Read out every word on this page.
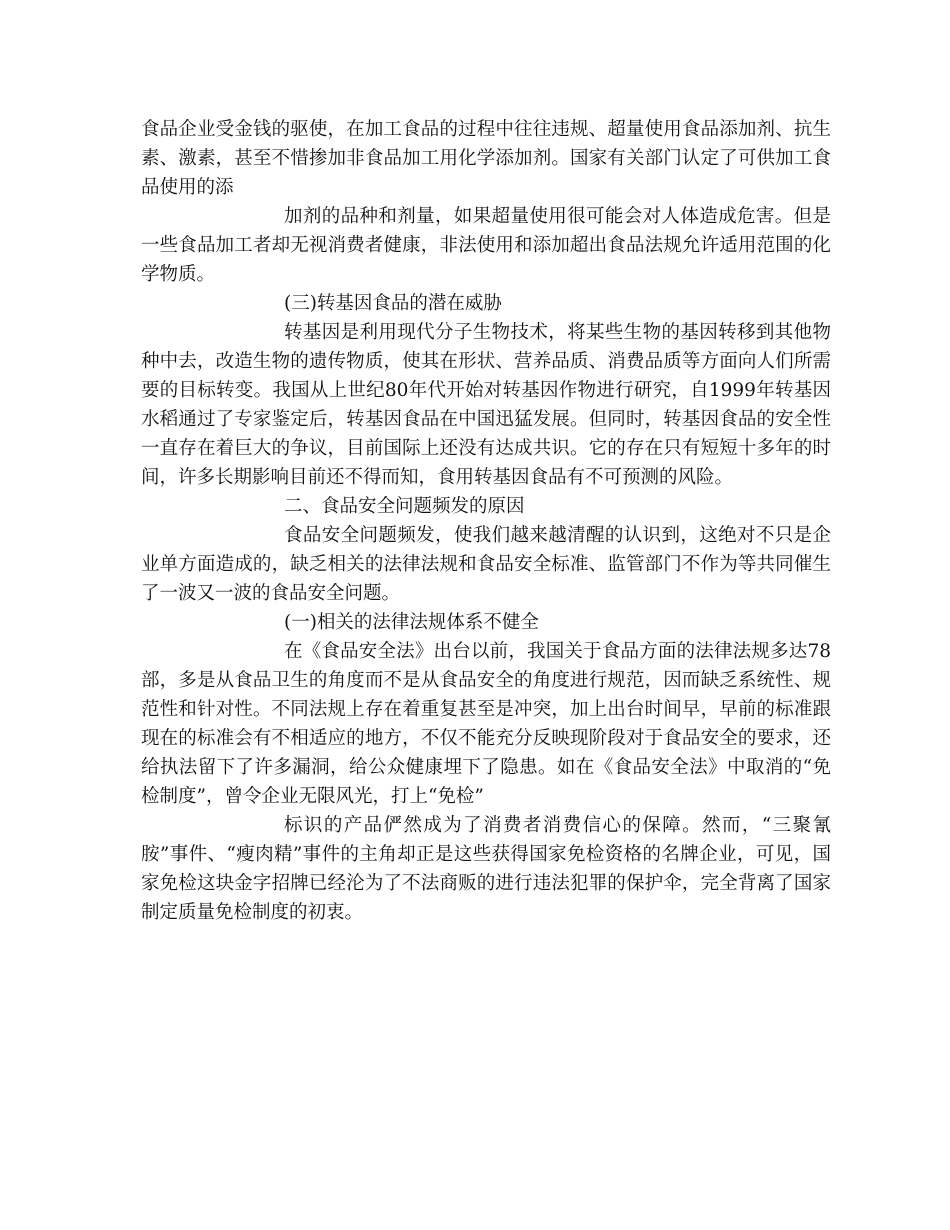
食品企业受金钱的驱使，在加工食品的过程中往往违规、超量使用食品添加剂、抗生素、激素，甚至不惜掺加非食品加工用化学添加剂。国家有关部门认定了可供加工食品使用的添

加剂的品种和剂量，如果超量使用很可能会对人体造成危害。但是一些食品加工者却无视消费者健康，非法使用和添加超出食品法规允许适用范围的化学物质。

(三)转基因食品的潜在威胁

转基因是利用现代分子生物技术，将某些生物的基因转移到其他物种中去，改造生物的遗传物质，使其在形状、营养品质、消费品质等方面向人们所需要的目标转变。我国从上世纪80年代开始对转基因作物进行研究，自1999年转基因水稻通过了专家鉴定后，转基因食品在中国迅猛发展。但同时，转基因食品的安全性一直存在着巨大的争议，目前国际上还没有达成共识。它的存在只有短短十多年的时间，许多长期影响目前还不得而知，食用转基因食品有不可预测的风险。

二、食品安全问题频发的原因

食品安全问题频发，使我们越来越清醒的认识到，这绝对不只是企业单方面造成的，缺乏相关的法律法规和食品安全标准、监管部门不作为等共同催生了一波又一波的食品安全问题。

(一)相关的法律法规体系不健全

在《食品安全法》出台以前，我国关于食品方面的法律法规多达78部，多是从食品卫生的角度而不是从食品安全的角度进行规范，因而缺乏系统性、规范性和针对性。不同法规上存在着重复甚至是冲突，加上出台时间早，早前的标准跟现在的标准会有不相适应的地方，不仅不能充分反映现阶段对于食品安全的要求，还给执法留下了许多漏洞，给公众健康埋下了隐患。如在《食品安全法》中取消的“免检制度”，曾令企业无限风光，打上“免检”

标识的产品俨然成为了消费者消费信心的保障。然而，“三聚氰胺”事件、“瘦肉精”事件的主角却正是这些获得国家免检资格的名牌企业，可见，国家免检这块金字招牌已经沦为了不法商贩的进行违法犯罪的保护伞，完全背离了国家制定质量免检制度的初衷。
